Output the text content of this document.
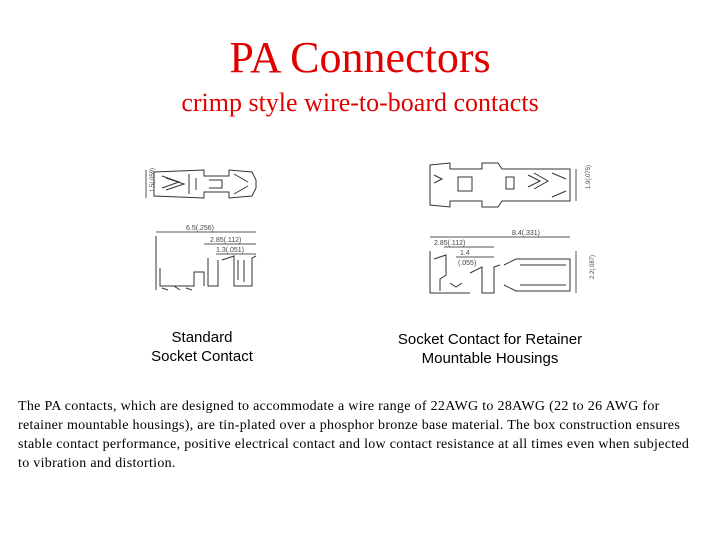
PA Connectors
crimp style wire-to-board contacts
1.5(.059)
6.5(.256)
2.85(.112)
1.3(.051)
1.9(.075)
8.4(.331)
2.85(.112)
1.4
(.055)	2.2(.087)
Standard
Socket Contact
Socket Contact for Retainer
Mountable Housings
The PA contacts, which are designed to accommodate a wire range of 22AWG to 28AWG (22 to 26 AWG for retainer mountable housings), are tin-plated over a phosphor bronze base material. The box construction ensures stable contact performance, positive electrical contact and low contact resistance at all times even when subjected to vibration and distortion.
